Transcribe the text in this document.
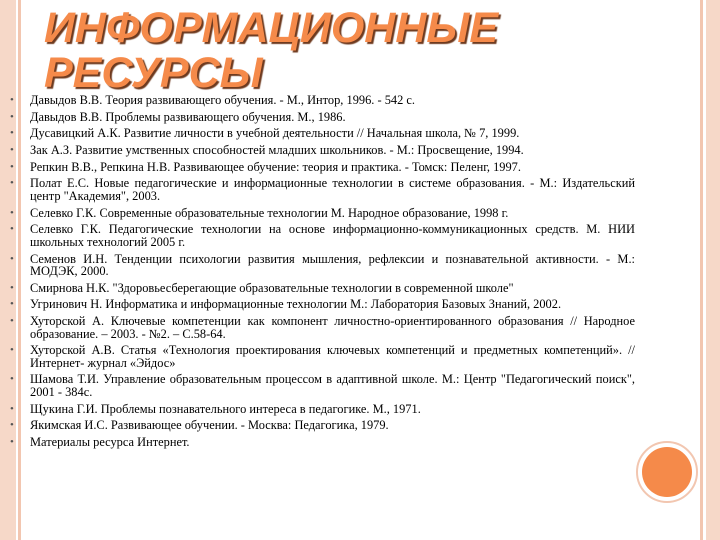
ИНФОРМАЦИОННЫЕ РЕСУРСЫ
• Давыдов В.В. Теория развивающего обучения. - М., Интор, 1996. - 542 с.
• Давыдов В.В. Проблемы развивающего обучения. М., 1986.
• Дусавицкий А.К. Развитие личности в учебной деятельности // Начальная школа, № 7, 1999.
• Зак А.З. Развитие умственных способностей младших школьников. - М.: Просвещение, 1994.
• Репкин В.В., Репкина Н.В. Развивающее обучение: теория и практика. - Томск: Пеленг, 1997.
• Полат Е.С. Новые педагогические и информационные технологии в системе образования. - М.: Издательский центр "Академия", 2003.
• Селевко Г.К. Современные образовательные технологии М. Народное образование, 1998 г.
• Селевко Г.К. Педагогические технологии на основе информационно-коммуникационных средств. М. НИИ школьных технологий 2005 г.
• Семенов И.Н. Тенденции психологии развития мышления, рефлексии и познавательной активности. - М.: МОДЭК, 2000.
• Смирнова Н.К. "Здоровьесберегающие образовательные технологии в современной школе"
• Угринович Н. Информатика и информационные технологии М.: Лаборатория Базовых Знаний, 2002.
• Хуторской А. Ключевые компетенции как компонент личностно-ориентированного образования // Народное образование. – 2003. - №2. – С.58-64.
• Хуторской А.В. Статья «Технология проектирования ключевых компетенций и предметных компетенций». // Интернет- журнал «Эйдос»
• Шамова Т.И. Управление образовательным процессом в адаптивной школе. М.: Центр "Педагогический поиск", 2001 - 384с.
• Щукина Г.И. Проблемы познавательного интереса в педагогике. М., 1971.
• Якимская И.С. Развивающее обучении. - Москва: Педагогика, 1979.
• Материалы ресурса Интернет.
